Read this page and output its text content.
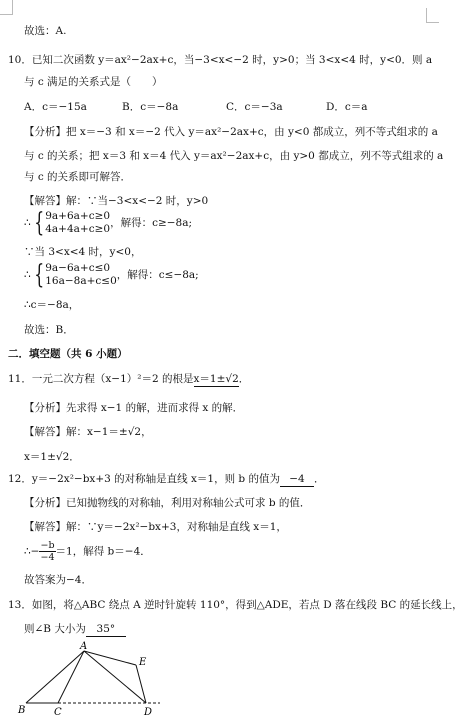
故选：A.
10．已知二次函数 y＝ax²−2ax+c，当−3<x<−2 时，y>0；当 3<x<4 时，y<0．则 a
与 c 满足的关系式是（　　）
A．c＝−15a	B．c＝−8a	C．c＝−3a	D．c＝a
【分析】把 x＝−3 和 x＝−2 代入 y＝ax²−2ax+c，由 y<0 都成立，列不等式组求的 a
与 c 的关系；把 x＝3 和 x＝4 代入 y＝ax²−2ax+c，由 y>0 都成立，列不等式组求的 a
与 c 的关系即可解答．
【解答】解：∵当−3<x<−2 时，y>0
∴ {9a+6a+c≥0
4a+4a+c≥0，解得：c≥−8a;
∵当 3<x<4 时，y<0，
∴ {9a−6a+c≤0
16a−8a+c≤0，解得：c≤−8a;
∴c＝−8a，
故选：B．
二．填空题（共 6 小题）
11．一元二次方程（x−1）²＝2 的根是x＝1±√2．
【分析】先求得 x−1 的解，进而求得 x 的解．
【解答】解：x−1＝±√2，
x＝1±√2．
12．y＝−2x²−bx+3 的对称轴是直线 x＝1，则 b 的值为 −4 ．
【分析】已知抛物线的对称轴，利用对称轴公式可求 b 的值．
【解答】解：∵y＝−2x²−bx+3，对称轴是直线 x＝1，
∴− $\frac{-b}{-4}=1$，解得 b＝−4．
故答案为−4．
13．如图，将△ABC 绕点 A 逆时针旋转 110°，得到△ADE，若点 D 落在线段 BC 的延长线上，
则∠B 大小为 35°
A
B	C	D
E
